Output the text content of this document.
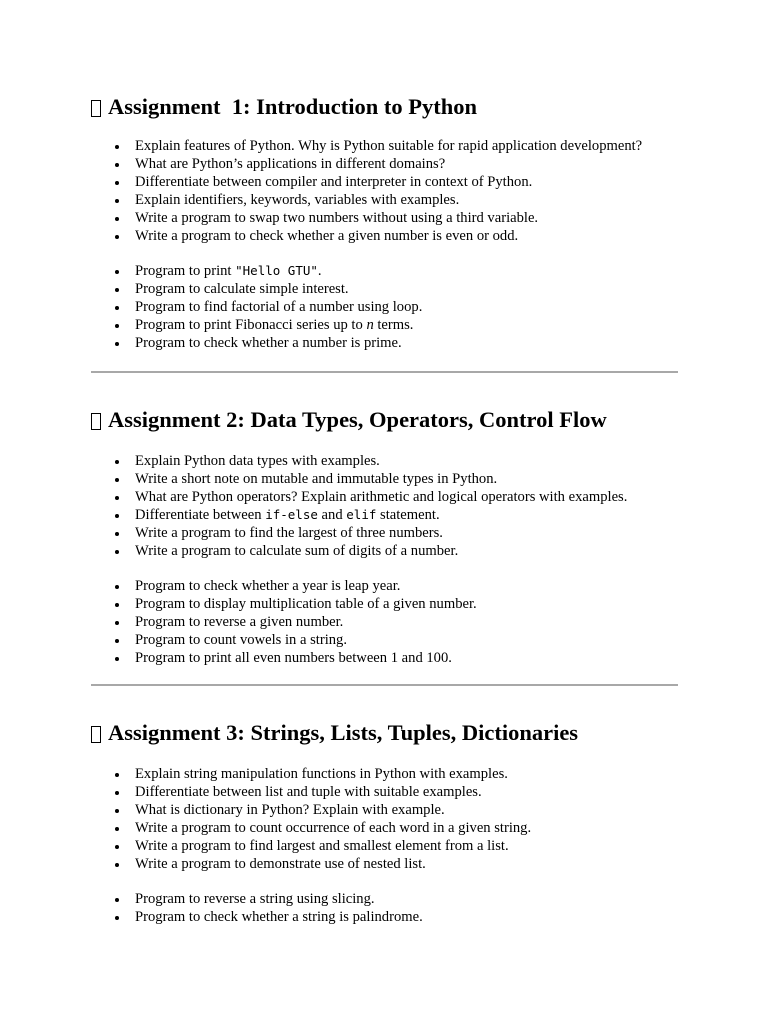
Assignment  1: Introduction to Python
Explain features of Python. Why is Python suitable for rapid application development?
What are Python’s applications in different domains?
Differentiate between compiler and interpreter in context of Python.
Explain identifiers, keywords, variables with examples.
Write a program to swap two numbers without using a third variable.
Write a program to check whether a given number is even or odd.
Program to print "Hello GTU".
Program to calculate simple interest.
Program to find factorial of a number using loop.
Program to print Fibonacci series up to n terms.
Program to check whether a number is prime.
Assignment 2: Data Types, Operators, Control Flow
Explain Python data types with examples.
Write a short note on mutable and immutable types in Python.
What are Python operators? Explain arithmetic and logical operators with examples.
Differentiate between if-else and elif statement.
Write a program to find the largest of three numbers.
Write a program to calculate sum of digits of a number.
Program to check whether a year is leap year.
Program to display multiplication table of a given number.
Program to reverse a given number.
Program to count vowels in a string.
Program to print all even numbers between 1 and 100.
Assignment 3: Strings, Lists, Tuples, Dictionaries
Explain string manipulation functions in Python with examples.
Differentiate between list and tuple with suitable examples.
What is dictionary in Python? Explain with example.
Write a program to count occurrence of each word in a given string.
Write a program to find largest and smallest element from a list.
Write a program to demonstrate use of nested list.
Program to reverse a string using slicing.
Program to check whether a string is palindrome.
